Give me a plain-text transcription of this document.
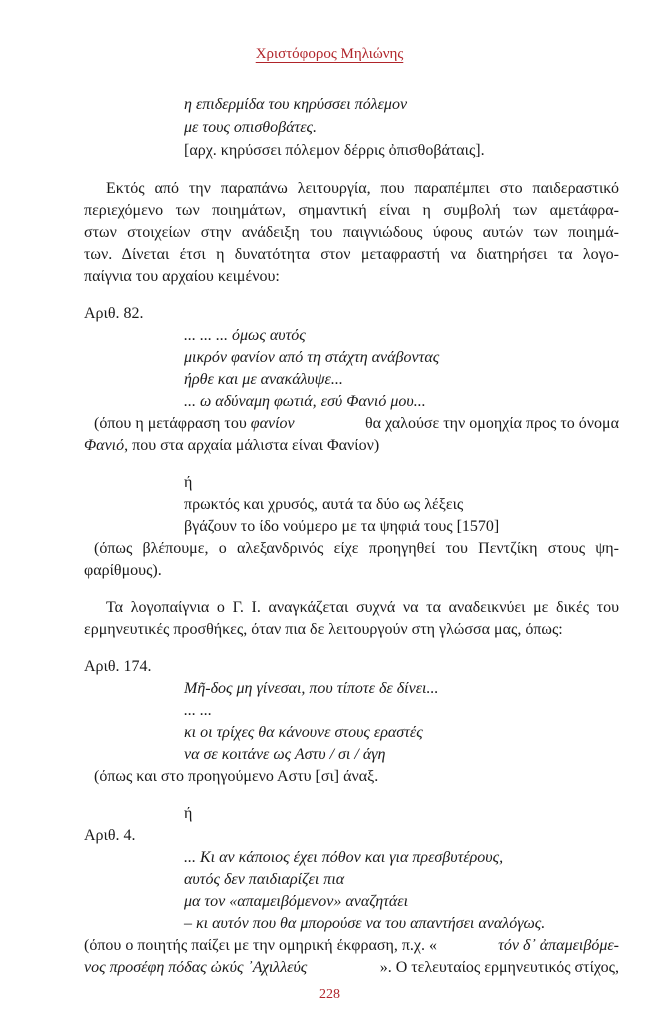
Χριστόφορος Μηλιώνης
η επιδερμίδα του κηρύσσει πόλεμον
με τους οπισθοβάτες.
[αρχ. κηρύσσει πόλεμον δέρρις ὀπισθοβάταις].
Εκτός από την παραπάνω λειτουργία, που παραπέμπει στο παιδεραστικό
περιεχόμενο των ποιημάτων, σημαντική είναι η συμβολή των αμετάφρα-
στων στοιχείων στην ανάδειξη του παιγνιώδους ύφους αυτών των ποιημά-
των. Δίνεται έτσι η δυνατότητα στον μεταφραστή να διατηρήσει τα λογο-
παίγνια του αρχαίου κειμένου:
Αριθ. 82.
... ... ... όμως αυτός
μικρόν φανίον από τη στάχτη ανάβοντας
ήρθε και με ανακάλυψε...
... ω αδύναμη φωτιά, εσύ Φανιό μου...
(όπου η μετάφραση του φανίον	θα χαλούσε την ομοηχία προς το όνομα
Φανιό, που στα αρχαία μάλιστα είναι Φανίον)
ή
πρωκτός και χρυσός, αυτά τα δύο ως λέξεις
βγάζουν το ίδο νούμερο με τα ψηφιά τους [1570]
(όπως βλέπουμε, ο αλεξανδρινός είχε προηγηθεί του Πεντζίκη στους ψη-
φαρίθμους).
Τα λογοπαίγνια ο Γ. Ι. αναγκάζεται συχνά να τα αναδεικνύει με δικές του
ερμηνευτικές προσθήκες, όταν πια δε λειτουργούν στη γλώσσα μας, όπως:
Αριθ. 174.
Μῆ-δος μη γίνεσαι, που τίποτε δε δίνει...
... ...
κι οι τρίχες θα κάνουνε στους εραστές
να σε κοιτάνε ως Αστυ / σι / άγη
(όπως και στο προηγούμενο Αστυ [σι] άναξ.
ή
Αριθ. 4.
... Κι αν κάποιος έχει πόθον και για πρεσβυτέρους,
αυτός δεν παιδιαρίζει πια
μα τον «απαμειβόμενον» αναζητάει
– κι αυτόν που θα μπορούσε να του απαντήσει αναλόγως.
(όπου ο ποιητής παίζει με την ομηρική έκφραση, π.χ. «	τόν δ᾽ ἀπαμειβόμε-
νος προσέφη πόδας ὠκύς ᾽Αχιλλεύς	». Ο τελευταίος ερμηνευτικός στίχος,
228
